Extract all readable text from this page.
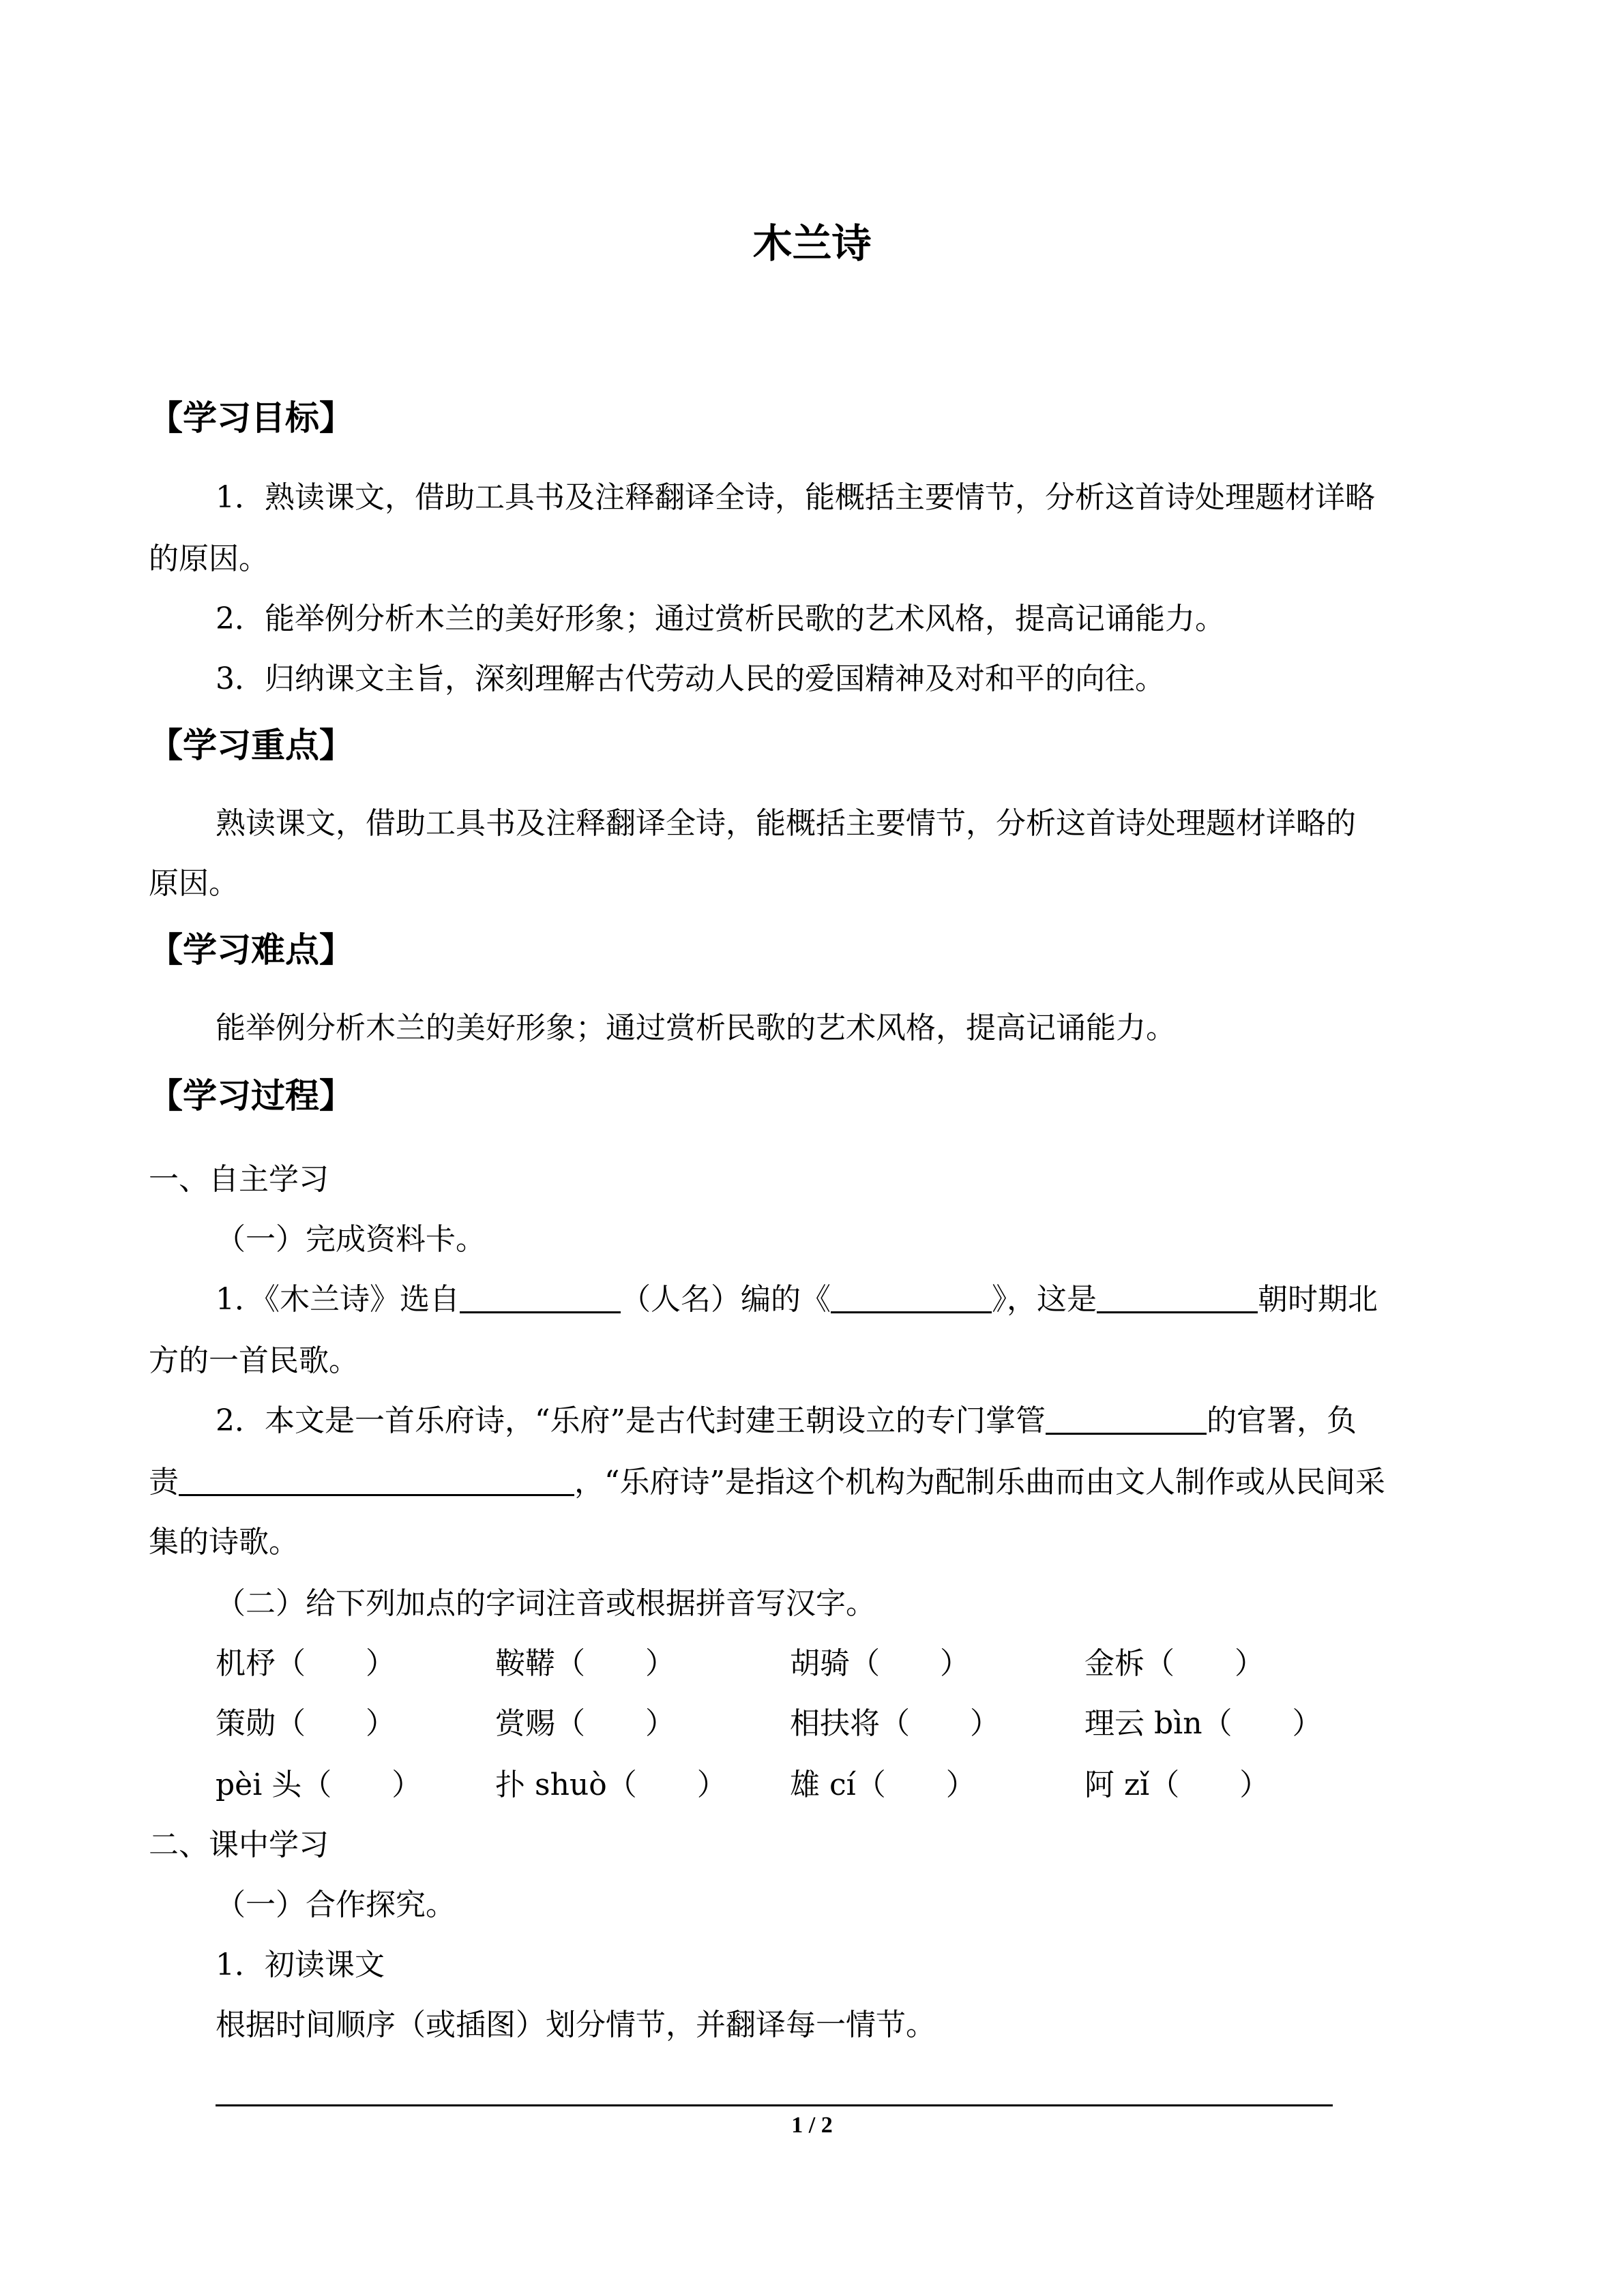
木兰诗
【学习目标】
1．熟读课文，借助工具书及注释翻译全诗，能概括主要情节，分析这首诗处理题材详略
的原因。
2．能举例分析木兰的美好形象；通过赏析民歌的艺术风格，提高记诵能力。
3．归纳课文主旨，深刻理解古代劳动人民的爱国精神及对和平的向往。
【学习重点】
熟读课文，借助工具书及注释翻译全诗，能概括主要情节，分析这首诗处理题材详略的
原因。
【学习难点】
能举例分析木兰的美好形象；通过赏析民歌的艺术风格，提高记诵能力。
【学习过程】
一、自主学习
（一）完成资料卡。
1．《木兰诗》选自	（人名）编的《	》，这是	朝时期北
方的一首民歌。
2．本文是一首乐府诗，“乐府”是古代封建王朝设立的专门掌管	的官署，负
责	，“乐府诗”是指这个机构为配制乐曲而由文人制作或从民间采
集的诗歌。
（二）给下列加点的字词注音或根据拼音写汉字。
机杼（　　）	鞍鞯（　　）	胡骑（　　）	金柝（　　）
策勋（　　）	赏赐（　　）	相扶将（　　）	理云 bìn（　　）
pèi 头（　　） 扑 shuò（　　） 雄 cí（　　）	阿 zǐ（　　）
二、课中学习
（一）合作探究。
1．初读课文
根据时间顺序（或插图）划分情节，并翻译每一情节。
1 / 2
